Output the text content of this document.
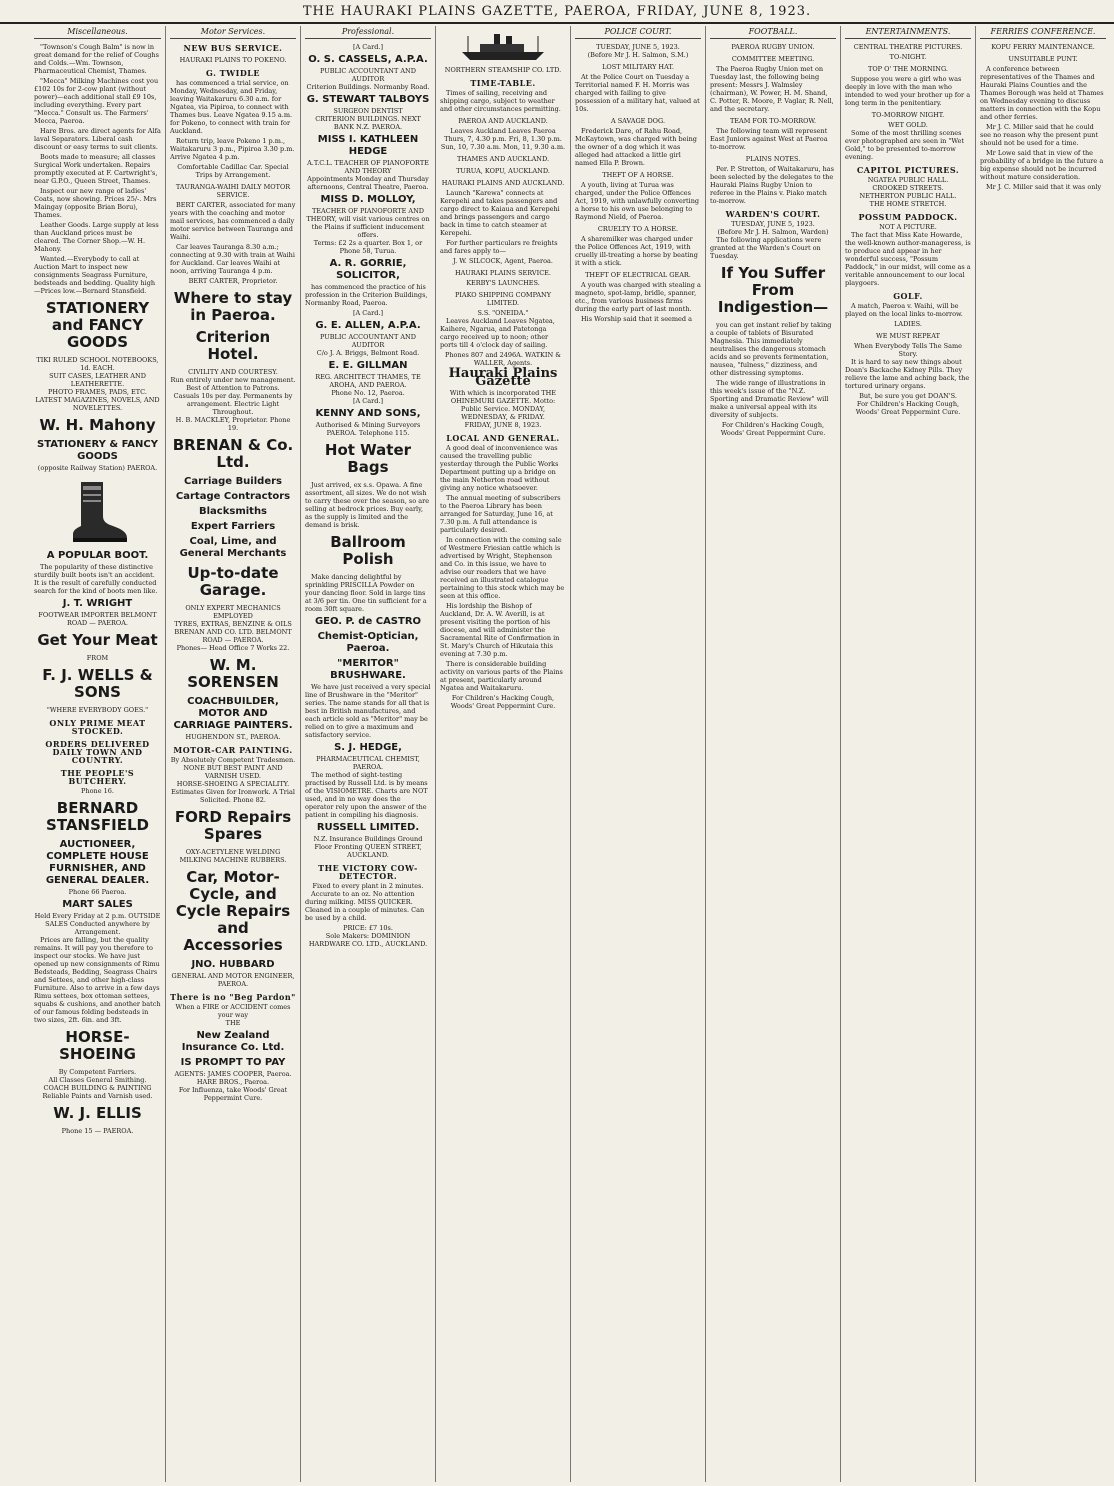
THE HAURAKI PLAINS GAZETTE, PAEROA, FRIDAY, JUNE 8, 1923.
Miscellaneous.

"Townson's Cough Balm" is now in great demand for the relief of Coughs and Colds.—Wm. Townson, Pharmaceutical Chemist, Thames.

"Mecca" Milking Machines cost you £102 10s for 2-cow plant (without power)—each additional stall £9 10s, including everything. Every part "Mecca." Consult us. The Farmers' Mecca, Paeroa.

Hare Bros. are direct agents for Alfa laval Separators. Liberal cash discount or easy terms to suit clients.

Boots made to measure; all classes Surgical Work undertaken. Repairs promptly executed at F. Cartwright's, near G.P.O., Queen Street, Thames.

Inspect our new range of ladies' Coats, now showing. Prices 25/-. Mrs Maingay (opposite Brian Boru), Thames.

Leather Goods. Large supply at less than Auckland prices must be cleared. The Corner Shop.—W. H. Mahony.

Wanted.—Everybody to call at Auction Mart to inspect new consignments Seagrass Furniture, bedsteads and bedding. Quality high—Prices low.—Bernard Stansfield.

STATIONERY and FANCY GOODS
TIKI RULED SCHOOL NOTEBOOKS, 1d. EACH.
SUIT CASES, LEATHER AND LEATHERETTE.
PHOTO FRAMES, PADS, ETC.
LATEST MAGAZINES, NOVELS, AND NOVELETTES.
W. H. Mahony
STATIONERY & FANCY GOODS
(opposite Railway Station) PAEROA.
A POPULAR BOOT.

The popularity of these distinctive sturdily built boots isn't an accident. It is the result of carefully conducted search for the kind of boots men like.

J. T. WRIGHT
FOOTWEAR IMPORTER BELMONT ROAD — PAEROA.
Get Your Meat
FROM
F. J. WELLS & SONS
"WHERE EVERYBODY GOES."
ONLY PRIME MEAT STOCKED.
ORDERS DELIVERED DAILY TOWN AND COUNTRY.
THE PEOPLE'S BUTCHERY.
Phone 16.
BERNARD STANSFIELD
AUCTIONEER, COMPLETE HOUSE FURNISHER, AND GENERAL DEALER.
Phone 66 Paeroa.
MART SALES
Held Every Friday at 2 p.m. OUTSIDE SALES Conducted anywhere by Arrangement.

Prices are falling, but the quality remains. It will pay you therefore to inspect our stocks. We have just opened up new consignments of Rimu Bedsteads, Bedding, Seagrass Chairs and Settees, and other high-class Furniture. Also to arrive in a few days Rimu settees, box ottoman settees, squabs & cushions, and another batch of our famous folding bedsteads in two sizes, 2ft. 6in. and 3ft.

HORSE-SHOEING
By Competent Farriers.
All Classes General Smithing.
COACH BUILDING & PAINTING
Reliable Paints and Varnish used.
W. J. ELLIS
Phone 15 — PAEROA.
Motor Services.
NEW BUS SERVICE.
HAURAKI PLAINS TO POKENO.
G. TWIDLE

has commenced a trial service, on Monday, Wednesday, and Friday, leaving Waitakaruru 6.30 a.m. for Ngatea, via Pipiroa, to connect with Thames bus. Leave Ngatea 9.15 a.m. for Pokeno, to connect with train for Auckland.

Return trip, leave Pokeno 1 p.m., Waitakaruru 3 p.m., Pipiroa 3.30 p.m. Arrive Ngatea 4 p.m.

Comfortable Cadillac Car. Special Trips by Arrangement.
TAURANGA-WAIHI DAILY MOTOR SERVICE.

BERT CARTER, associated for many years with the coaching and motor mail services, has commenced a daily motor service between Tauranga and Waihi.

Car leaves Tauranga 8.30 a.m.; connecting at 9.30 with train at Waihi for Auckland. Car leaves Waihi at noon, arriving Tauranga 4 p.m.

BERT CARTER, Proprietor.
Where to stay in Paeroa.
Criterion Hotel.
CIVILITY AND COURTESY.
Run entirely under new management.
Best of Attention to Patrons.
Casuals 10s per day. Permanents by arrangement. Electric Light Throughout.
H. B. MACKLEY, Proprietor. Phone 19.
BRENAN & Co. Ltd.
Carriage Builders
Cartage Contractors
Blacksmiths
Expert Farriers
Coal, Lime, and General Merchants
Up-to-date Garage.
ONLY EXPERT MECHANICS EMPLOYED
TYRES, EXTRAS, BENZINE & OILS
BRENAN AND CO. LTD. BELMONT ROAD — PAEROA.
Phones— Head Office 7 Works 22.
W. M. SORENSEN
COACHBUILDER, MOTOR AND CARRIAGE PAINTERS.
HUGHENDON ST., PAEROA.
MOTOR-CAR PAINTING.
By Absolutely Competent Tradesmen.
NONE BUT BEST PAINT AND VARNISH USED.
HORSE-SHOEING A SPECIALITY.
Estimates Given for Ironwork. A Trial Solicited. Phone 82.
FORD Repairs Spares
OXY-ACETYLENE WELDING
MILKING MACHINE RUBBERS.
Car, Motor-Cycle, and Cycle Repairs and Accessories
JNO. HUBBARD
GENERAL AND MOTOR ENGINEER, PAEROA.
There is no "Beg Pardon"
When a FIRE or ACCIDENT comes your way
THE
New Zealand Insurance Co. Ltd.
IS PROMPT TO PAY
AGENTS: JAMES COOPER, Paeroa. HARE BROS., Paeroa.
For Influenza, take Woods' Great Peppermint Cure.
Professional.
[A Card.]
O. S. CASSELS, A.P.A.
PUBLIC ACCOUNTANT AND AUDITOR
Criterion Buildings. Normanby Road.
G. STEWART TALBOYS
SURGEON DENTIST
CRITERION BUILDINGS. NEXT BANK N.Z. PAEROA.
MISS I. KATHLEEN HEDGE
A.T.C.L. TEACHER OF PIANOFORTE AND THEORY
Appointments Monday and Thursday afternoons, Central Theatre, Paeroa.
MISS D. MOLLOY,
TEACHER OF PIANOFORTE AND THEORY, will visit various centres on the Plains if sufficient inducement offers.
Terms: £2 2s a quarter. Box 1, or Phone 58, Turua.
A. R. GORRIE, SOLICITOR,

has commenced the practice of his profession in the Criterion Buildings, Normanby Road, Paeroa.

[A Card.]
G. E. ALLEN, A.P.A.
PUBLIC ACCOUNTANT AND AUDITOR
C/o J. A. Briggs, Belmont Road.
E. E. GILLMAN
REG. ARCHITECT THAMES, TE AROHA, AND PAEROA.
Phone No. 12, Paeroa.
[A Card.]
KENNY AND SONS,
Authorised & Mining Surveyors PAEROA. Telephone 115.
Hot Water Bags

Just arrived, ex s.s. Opawa. A fine assortment, all sizes. We do not wish to carry these over the season, so are selling at bedrock prices. Buy early, as the supply is limited and the demand is brisk.

Ballroom Polish

Make dancing delightful by sprinkling PRISCILLA Powder on your dancing floor. Sold in large tins at 3/6 per tin. One tin sufficient for a room 30ft square.

GEO. P. de CASTRO
Chemist-Optician, Paeroa.
"MERITOR" BRUSHWARE.

We have just received a very special line of Brushware in the "Meritor" series. The name stands for all that is best in British manufactures, and each article sold as "Meritor" may be relied on to give a maximum and satisfactory service.

S. J. HEDGE,
PHARMACEUTICAL CHEMIST, PAEROA.

The method of sight-testing practised by Russell Ltd. is by means of the VISIOMETRE. Charts are NOT used, and in no way does the operator rely upon the answer of the patient in compiling his diagnosis.

RUSSELL LIMITED.
N.Z. Insurance Buildings Ground Floor Fronting QUEEN STREET, AUCKLAND.
THE VICTORY COW-DETECTOR.
Fixed to every plant in 2 minutes.

Accurate to an oz. No attention during milking. MISS QUICKER. Cleaned in a couple of minutes. Can be used by a child.

PRICE: £7 10s.
Sole Makers: DOMINION HARDWARE CO. LTD., AUCKLAND.
NORTHERN STEAMSHIP CO. LTD.
TIME-TABLE.

Times of sailing, receiving and shipping cargo, subject to weather and other circumstances permitting.

PAEROA AND AUCKLAND.
Leaves Auckland Leaves Paeroa
Thurs, 7, 4.30 p.m. Fri, 8, 1.30 p.m.
Sun, 10, 7.30 a.m. Mon, 11, 9.30 a.m.
THAMES AND AUCKLAND.
TURUA, KOPU, AUCKLAND.
HAURAKI PLAINS AND AUCKLAND.

Launch "Karewa" connects at Kerepehi and takes passengers and cargo direct to Kaiaua and Kerepehi and brings passengers and cargo back in time to catch steamer at Kerepehi.

For further particulars re freights and fares apply to—

J. W. SILCOCK, Agent, Paeroa.
HAURAKI PLAINS SERVICE.
KERBY'S LAUNCHES.
PIAKO SHIPPING COMPANY LIMITED.
S.S. "ONEIDA."

Leaves Auckland Leaves Ngatea, Kaihere, Ngarua, and Patetonga cargo received up to noon; other ports till 4 o'clock day of sailing.

Phones 807 and 2496A. WATKIN & WALLER, Agents.
Hauraki Plains Gazette
With which is incorporated THE OHINEMURI GAZETTE. Motto: Public Service. MONDAY, WEDNESDAY, & FRIDAY.
FRIDAY, JUNE 8, 1923.
LOCAL AND GENERAL.

A good deal of inconvenience was caused the travelling public yesterday through the Public Works Department putting up a bridge on the main Netherton road without giving any notice whatsoever.

The annual meeting of subscribers to the Paeroa Library has been arranged for Saturday, June 16, at 7.30 p.m. A full attendance is particularly desired.

In connection with the coming sale of Westmere Friesian cattle which is advertised by Wright, Stephenson and Co. in this issue, we have to advise our readers that we have received an illustrated catalogue pertaining to this stock which may be seen at this office.

His lordship the Bishop of Auckland, Dr. A. W. Averill, is at present visiting the portion of his diocese, and will administer the Sacramental Rite of Confirmation in St. Mary's Church of Hikutaia this evening at 7.30 p.m.

There is considerable building activity on various parts of the Plains at present, particularly around Ngatea and Waitakaruru.

For Children's Hacking Cough, Woods' Great Peppermint Cure.
POLICE COURT.
TUESDAY, JUNE 5, 1923.
(Before Mr J. H. Salmon, S.M.)
LOST MILITARY HAT.

At the Police Court on Tuesday a Territorial named F. H. Morris was charged with failing to give possession of a military hat, valued at 10s.

A SAVAGE DOG.

Frederick Dare, of Rahu Road, McKaytown, was charged with being the owner of a dog which it was alleged had attacked a little girl named Ella P. Brown.

THEFT OF A HORSE.

A youth, living at Turua was charged, under the Police Offences Act, 1919, with unlawfully converting a horse to his own use belonging to Raymond Nield, of Paeroa.

CRUELTY TO A HORSE.

A sharemilker was charged under the Police Offences Act, 1919, with cruelly ill-treating a horse by beating it with a stick.

THEFT OF ELECTRICAL GEAR.

A youth was charged with stealing a magneto, spot-lamp, bridle, spanner, etc., from various business firms during the early part of last month.

His Worship said that it seemed a

FOOTBALL.
PAEROA RUGBY UNION.
COMMITTEE MEETING.

The Paeroa Rugby Union met on Tuesday last, the following being present: Messrs J. Walmsley (chairman), W. Power, H. M. Shand, C. Potter, R. Moore, P. Vaglar, R. Nell, and the secretary.

TEAM FOR TO-MORROW.

The following team will represent East Juniors against West at Paeroa to-morrow.

PLAINS NOTES.

Per. P. Stretton, of Waitakaruru, has been selected by the delegates to the Hauraki Plains Rugby Union to referee in the Plains v. Piako match to-morrow.

WARDEN'S COURT.
TUESDAY, JUNE 5, 1923.
(Before Mr J. H. Salmon, Warden)

The following applications were granted at the Warden's Court on Tuesday.

If You Suffer From Indigestion—

you can get instant relief by taking a couple of tablets of Bisurated Magnesia. This immediately neutralises the dangerous stomach acids and so prevents fermentation, nausea, "fulness," dizziness, and other distressing symptoms.

The wide range of illustrations in this week's issue of the "N.Z. Sporting and Dramatic Review" will make a universal appeal with its diversity of subjects.

For Children's Hacking Cough, Woods' Great Peppermint Cure.
ENTERTAINMENTS.
CENTRAL THEATRE PICTURES.
TO-NIGHT.
TOP O' THE MORNING.

Suppose you were a girl who was deeply in love with the man who intended to wed your brother up for a long term in the penitentiary.

TO-MORROW NIGHT.
WET GOLD.

Some of the most thrilling scenes ever photographed are seen in "Wet Gold," to be presented to-morrow evening.

CAPITOL PICTURES.
NGATEA PUBLIC HALL.
CROOKED STREETS.
NETHERTON PUBLIC HALL.
THE HOME STRETCH.
POSSUM PADDOCK.
NOT A PICTURE.

The fact that Miss Kate Howarde, the well-known author-manageress, is to produce and appear in her wonderful success, "Possum Paddock," in our midst, will come as a veritable announcement to our local playgoers.

GOLF.

A match, Paeroa v. Waihi, will be played on the local links to-morrow.

LADIES.
WE MUST REPEAT
When Everybody Tells The Same Story.

It is hard to say new things about Doan's Backache Kidney Pills. They relieve the lame and aching back, the tortured urinary organs.

But, be sure you get DOAN'S.
For Children's Hacking Cough, Woods' Great Peppermint Cure.
FERRIES CONFERENCE.
KOPU FERRY MAINTENANCE.
UNSUITABLE PUNT.

A conference between representatives of the Thames and Hauraki Plains Counties and the Thames Borough was held at Thames on Wednesday evening to discuss matters in connection with the Kopu and other ferries.

Mr J. C. Miller said that he could see no reason why the present punt should not be used for a time.

Mr Lowe said that in view of the probability of a bridge in the future a big expense should not be incurred without mature consideration.

Mr J. C. Miller said that it was only
